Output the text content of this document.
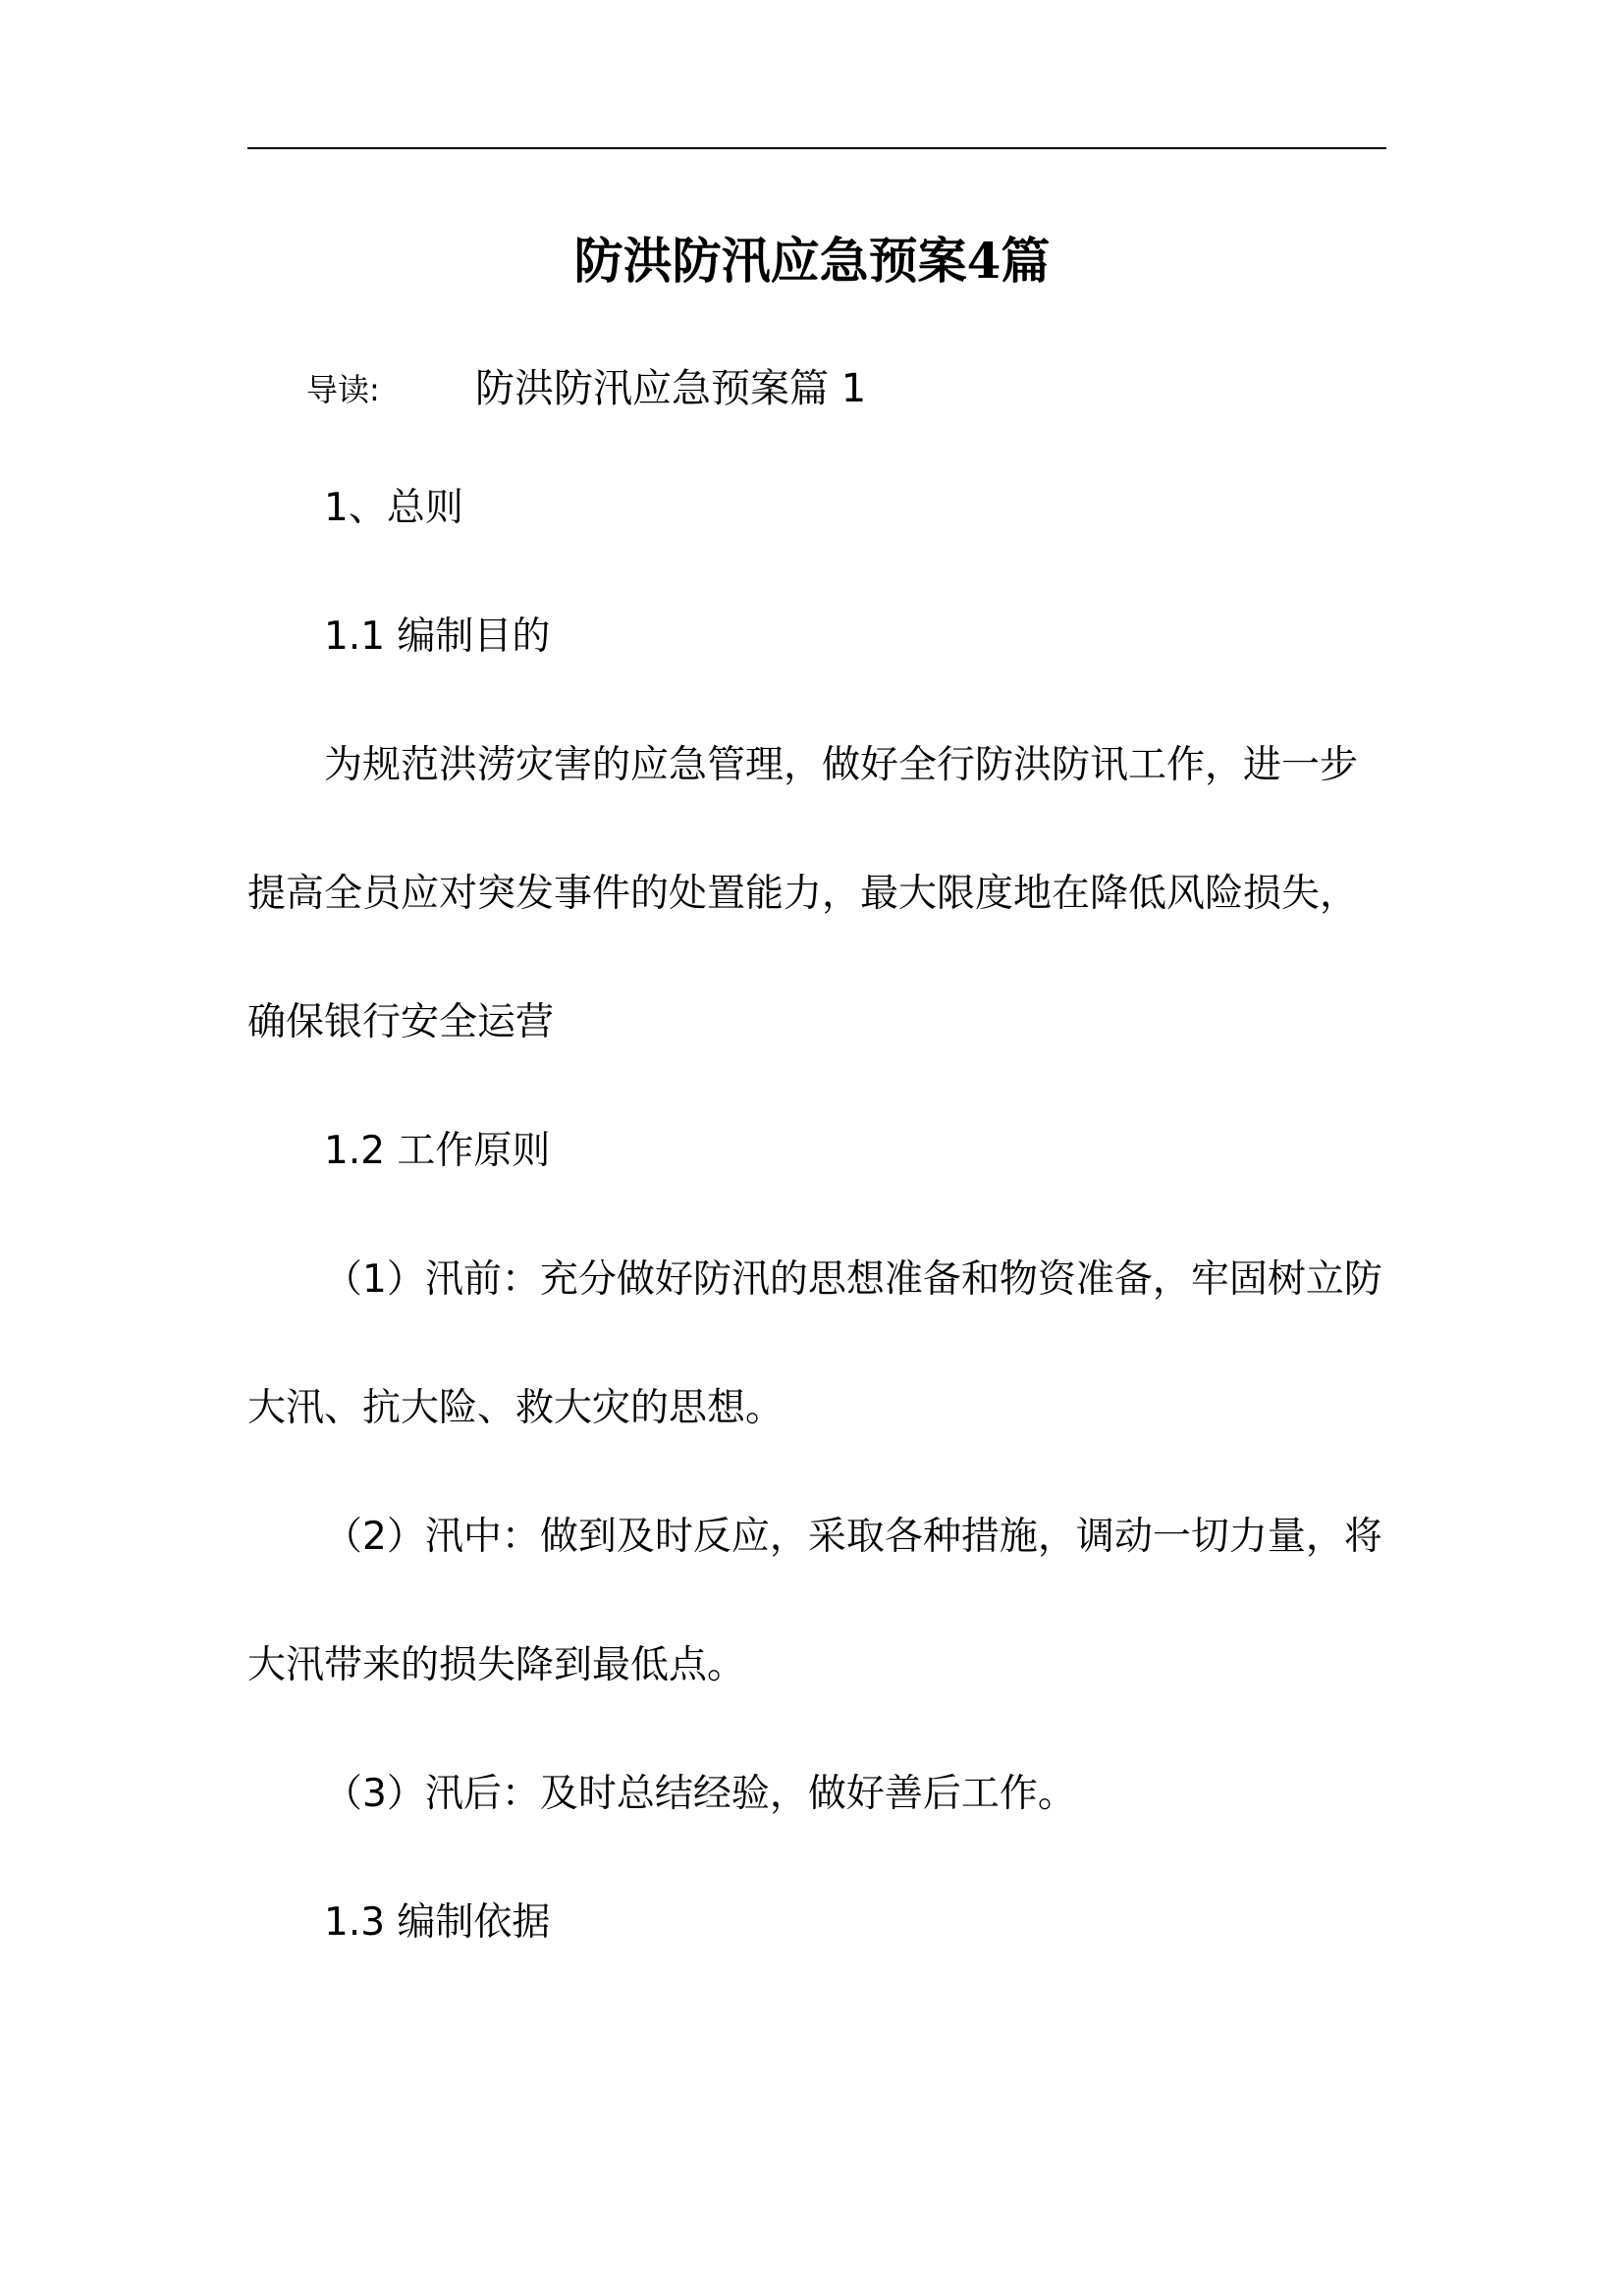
防洪防汛应急预案4篇
导读: 防洪防汛应急预案篇 1
1、总则
1.1 编制目的
为规范洪涝灾害的应急管理，做好全行防洪防讯工作，进一步
提高全员应对突发事件的处置能力，最大限度地在降低风险损失，
确保银行安全运营
1.2 工作原则
（1）汛前：充分做好防汛的思想准备和物资准备，牢固树立防
大汛、抗大险、救大灾的思想。
（2）汛中：做到及时反应，采取各种措施，调动一切力量，将
大汛带来的损失降到最低点。
（3）汛后：及时总结经验，做好善后工作。
1.3 编制依据
